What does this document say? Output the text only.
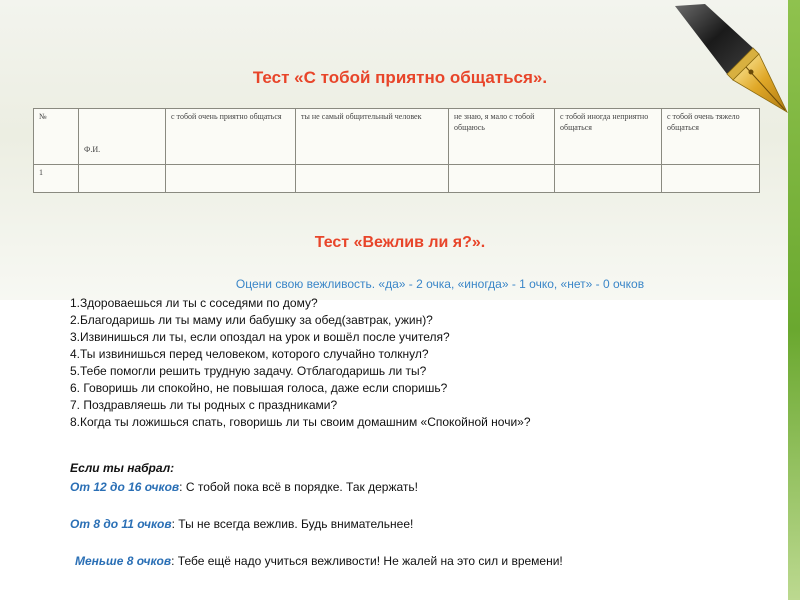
Тест «С тобой приятно общаться».
№	Ф.И.	с тобой очень приятно общаться	ты не самый общительный человек	не знаю, я мало с тобой общаюсь	с тобой иногда неприятно общаться	с тобой очень тяжело общаться
1						
Тест «Вежлив ли я?».
Оцени свою вежливость. «да» - 2 очка, «иногда» - 1 очко, «нет» - 0 очков
1.Здороваешься ли ты с соседями по дому?
2.Благодаришь ли ты маму или бабушку за обед(завтрак, ужин)?
3.Извинишься ли ты, если опоздал на урок и вошёл после учителя?
4.Ты извинишься перед человеком, которого случайно толкнул?
5.Тебе помогли решить трудную задачу. Отблагодаришь ли ты?
6. Говоришь ли спокойно, не повышая голоса, даже если споришь?
7. Поздравляешь ли ты родных с праздниками?
8.Когда ты ложишься спать, говоришь ли ты своим домашним «Спокойной ночи»?
Если ты набрал:
От 12 до 16 очков: С тобой пока всё в порядке. Так держать!
От 8 до 11 очков: Ты не всегда вежлив. Будь внимательнее!
Меньше 8 очков: Тебе ещё надо учиться вежливости! Не жалей на это сил и времени!
